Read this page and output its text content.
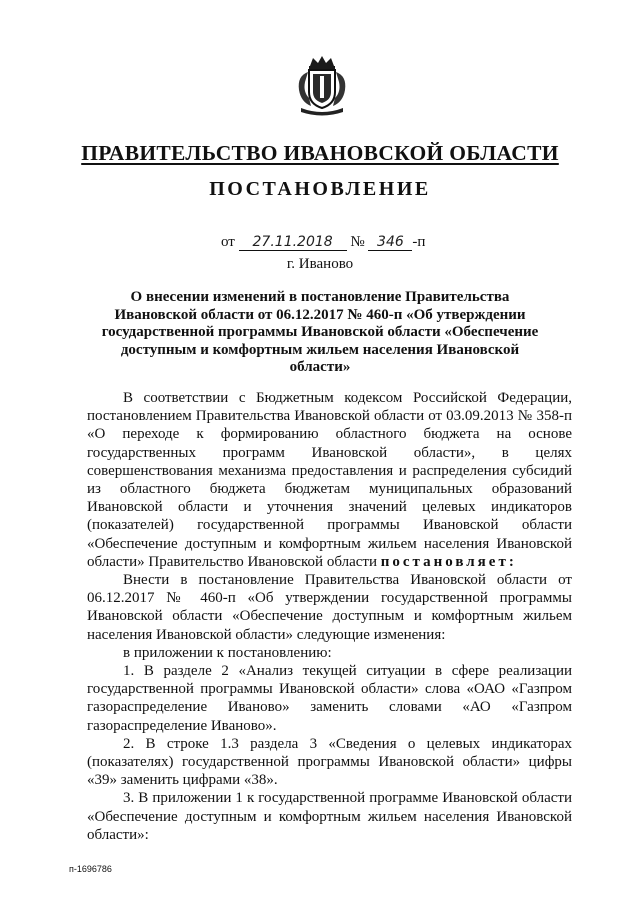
ПРАВИТЕЛЬСТВО ИВАНОВСКОЙ ОБЛАСТИ
ПОСТАНОВЛЕНИЕ
от 27.11.2018 № 346 -п
г. Иваново
О внесении изменений в постановление Правительства Ивановской области от 06.12.2017 № 460-п «Об утверждении государственной программы Ивановской области «Обеспечение доступным и комфортным жильем населения Ивановской области»

В соответствии с Бюджетным кодексом Российской Федерации, постановлением Правительства Ивановской области от 03.09.2013 № 358-п «О переходе к формированию областного бюджета на основе государственных программ Ивановской области», в целях совершенствования механизма предоставления и распределения субсидий из областного бюджета бюджетам муниципальных образований Ивановской области и уточнения значений целевых индикаторов (показателей) государственной программы Ивановской области «Обеспечение доступным и комфортным жильем населения Ивановской области» Правительство Ивановской области постановляет:

Внести в постановление Правительства Ивановской области от 06.12.2017 № 460-п «Об утверждении государственной программы Ивановской области «Обеспечение доступным и комфортным жильем населения Ивановской области» следующие изменения:

в приложении к постановлению:

1. В разделе 2 «Анализ текущей ситуации в сфере реализации государственной программы Ивановской области» слова «ОАО «Газпром газораспределение Иваново» заменить словами «АО «Газпром газораспределение Иваново».

2. В строке 1.3 раздела 3 «Сведения о целевых индикаторах (показателях) государственной программы Ивановской области» цифры «39» заменить цифрами «38».

3. В приложении 1 к государственной программе Ивановской области «Обеспечение доступным и комфортным жильем населения Ивановской области»:

п-1696786
